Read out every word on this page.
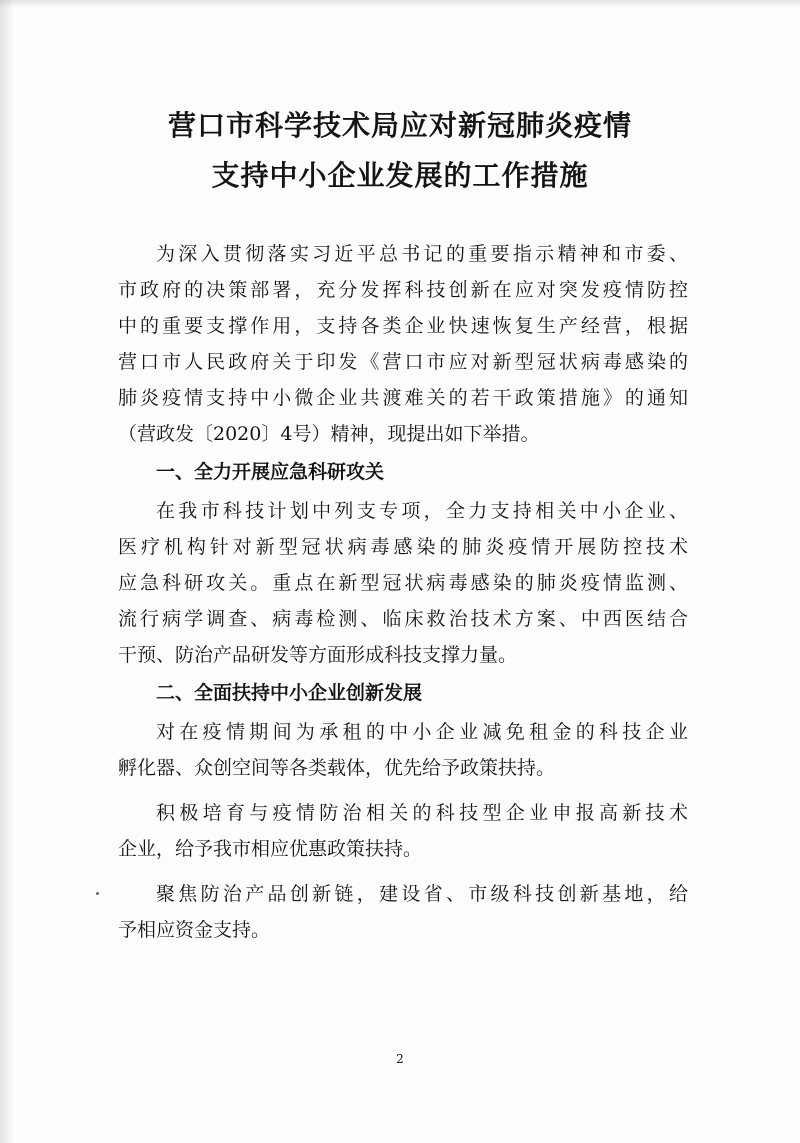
营口市科学技术局应对新冠肺炎疫情
支持中小企业发展的工作措施
为深入贯彻落实习近平总书记的重要指示精神和市委、
市政府的决策部署，充分发挥科技创新在应对突发疫情防控
中的重要支撑作用，支持各类企业快速恢复生产经营，根据
营口市人民政府关于印发《营口市应对新型冠状病毒感染的
肺炎疫情支持中小微企业共渡难关的若干政策措施》的通知
（营政发〔2020〕4号）精神，现提出如下举措。
一、全力开展应急科研攻关
在我市科技计划中列支专项，全力支持相关中小企业、
医疗机构针对新型冠状病毒感染的肺炎疫情开展防控技术
应急科研攻关。重点在新型冠状病毒感染的肺炎疫情监测、
流行病学调查、病毒检测、临床救治技术方案、中西医结合
干预、防治产品研发等方面形成科技支撑力量。
二、全面扶持中小企业创新发展
对在疫情期间为承租的中小企业减免租金的科技企业
孵化器、众创空间等各类载体，优先给予政策扶持。
积极培育与疫情防治相关的科技型企业申报高新技术
企业，给予我市相应优惠政策扶持。
聚焦防治产品创新链，建设省、市级科技创新基地，给
予相应资金支持。
2
